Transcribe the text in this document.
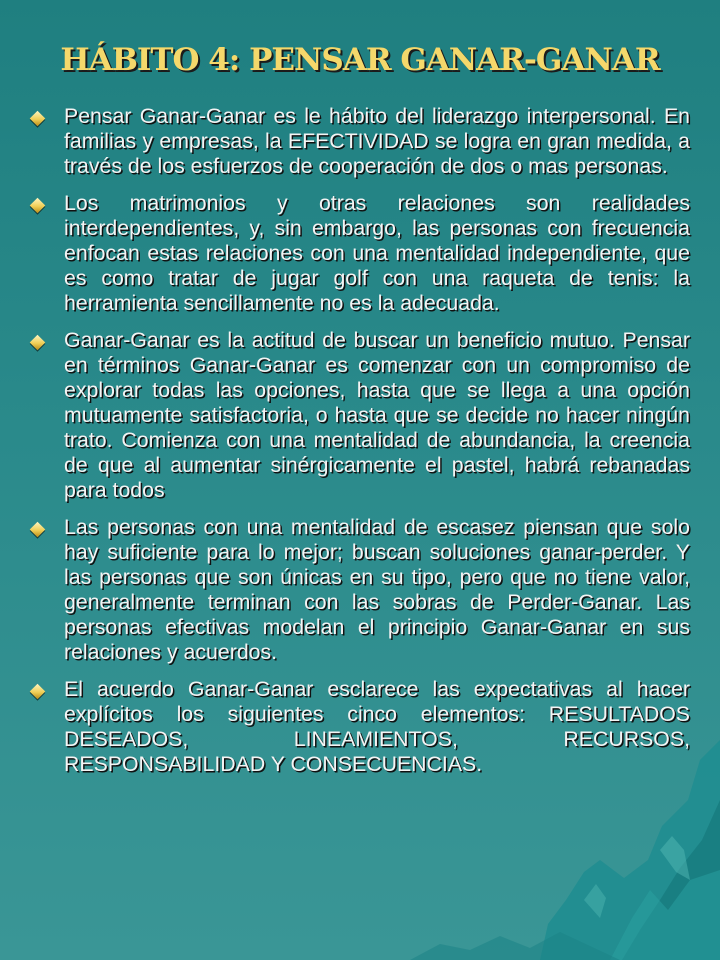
HÁBITO 4: PENSAR GANAR-GANAR

Pensar Ganar-Ganar es le hábito del liderazgo interpersonal. En familias y empresas, la EFECTIVIDAD se logra en gran medida, a través de los esfuerzos de cooperación de dos o mas personas.

Los matrimonios y otras relaciones son realidades interdependientes, y, sin embargo, las personas con frecuencia enfocan estas relaciones con una mentalidad independiente, que es como tratar de jugar golf con una raqueta de tenis: la herramienta sencillamente no es la adecuada.

Ganar-Ganar es la actitud de buscar un beneficio mutuo. Pensar en términos Ganar-Ganar es comenzar con un compromiso de explorar todas las opciones, hasta que se llega a una opción mutuamente satisfactoria, o hasta que se decide no hacer ningún trato. Comienza con una mentalidad de abundancia, la creencia de que al aumentar sinérgicamente el pastel, habrá rebanadas para todos

Las personas con una mentalidad de escasez piensan que solo hay suficiente para lo mejor; buscan soluciones ganar-perder. Y las personas que son únicas en su tipo, pero que no tiene valor, generalmente terminan con las sobras de Perder-Ganar. Las personas efectivas modelan el principio Ganar-Ganar en sus relaciones y acuerdos.

El acuerdo Ganar-Ganar esclarece las expectativas al hacer explícitos los siguientes cinco elementos: RESULTADOS DESEADOS, LINEAMIENTOS, RECURSOS, RESPONSABILIDAD Y CONSECUENCIAS.
